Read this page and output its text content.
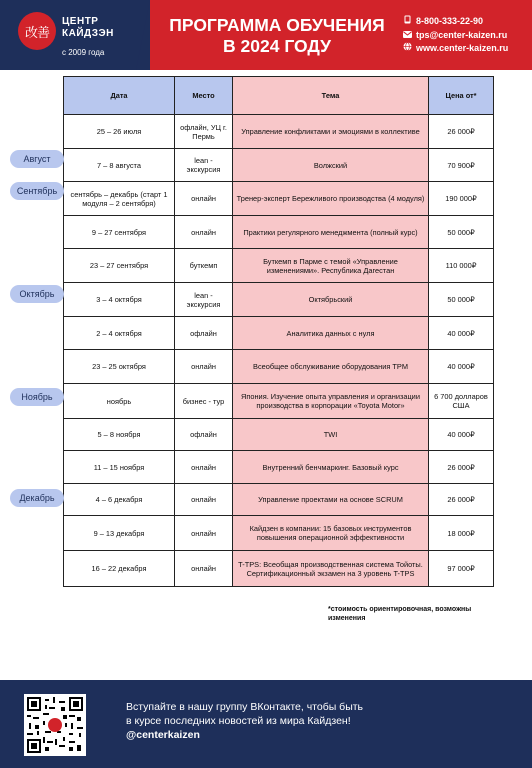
改善
ЦЕНТР
КАЙДЗЭН
с 2009 года
ПРОГРАММА ОБУЧЕНИЯ
В 2024 ГОДУ
8-800-333-22-90
tps@center-kaizen.ru
www.center-kaizen.ru
Дата	Место	Тема	Цена от*
25 – 26 июля	офлайн, УЦ г. Пермь	Управление конфликтами и эмоциями в коллективе	26 000₽
7 – 8 августа	lean - экскурсия	Волжский	70 900₽
сентябрь – декабрь (старт 1 модуля – 2 сентября)	онлайн	Тренер-эксперт Бережливого производства (4 модуля)	190 000₽
9 – 27 сентября	онлайн	Практики регулярного менеджмента (полный курс)	50 000₽
23 – 27 сентября	буткемп	Буткемп в Парме с темой «Управление изменениями». Республика Дагестан	110 000₽
3 – 4 октября	lean - экскурсия	Октябрьский	50 000₽
2 – 4 октября	офлайн	Аналитика данных с нуля	40 000₽
23 – 25 октября	онлайн	Всеобщее обслуживание оборудования TPM	40 000₽
ноябрь	бизнес - тур	Япония. Изучение опыта управления и организации производства в корпорации «Toyota Motor»	6 700 долларов США
5 – 8 ноября	офлайн	TWI	40 000₽
11 – 15 ноября	онлайн	Внутренний бенчмаркинг. Базовый курс	26 000₽
4 – 6 декабря	онлайн	Управление проектами на основе SCRUM	26 000₽
9 – 13 декабря	онлайн	Кайдзен в компании: 15 базовых инструментов повышения операционной эффективности	18 000₽
16 – 22 декабря	онлайн	T-TPS: Всеобщая производственная система Тойоты. Сертификационный экзамен на 3 уровень T-TPS	97 000₽
Август
Сентябрь
Октябрь
Ноябрь
Декабрь
*стоимость ориентировочная, возможны изменения
Вступайте в нашу группу ВКонтакте, чтобы быть
в курсе последних новостей из мира Кайдзен!
@centerkaizen
